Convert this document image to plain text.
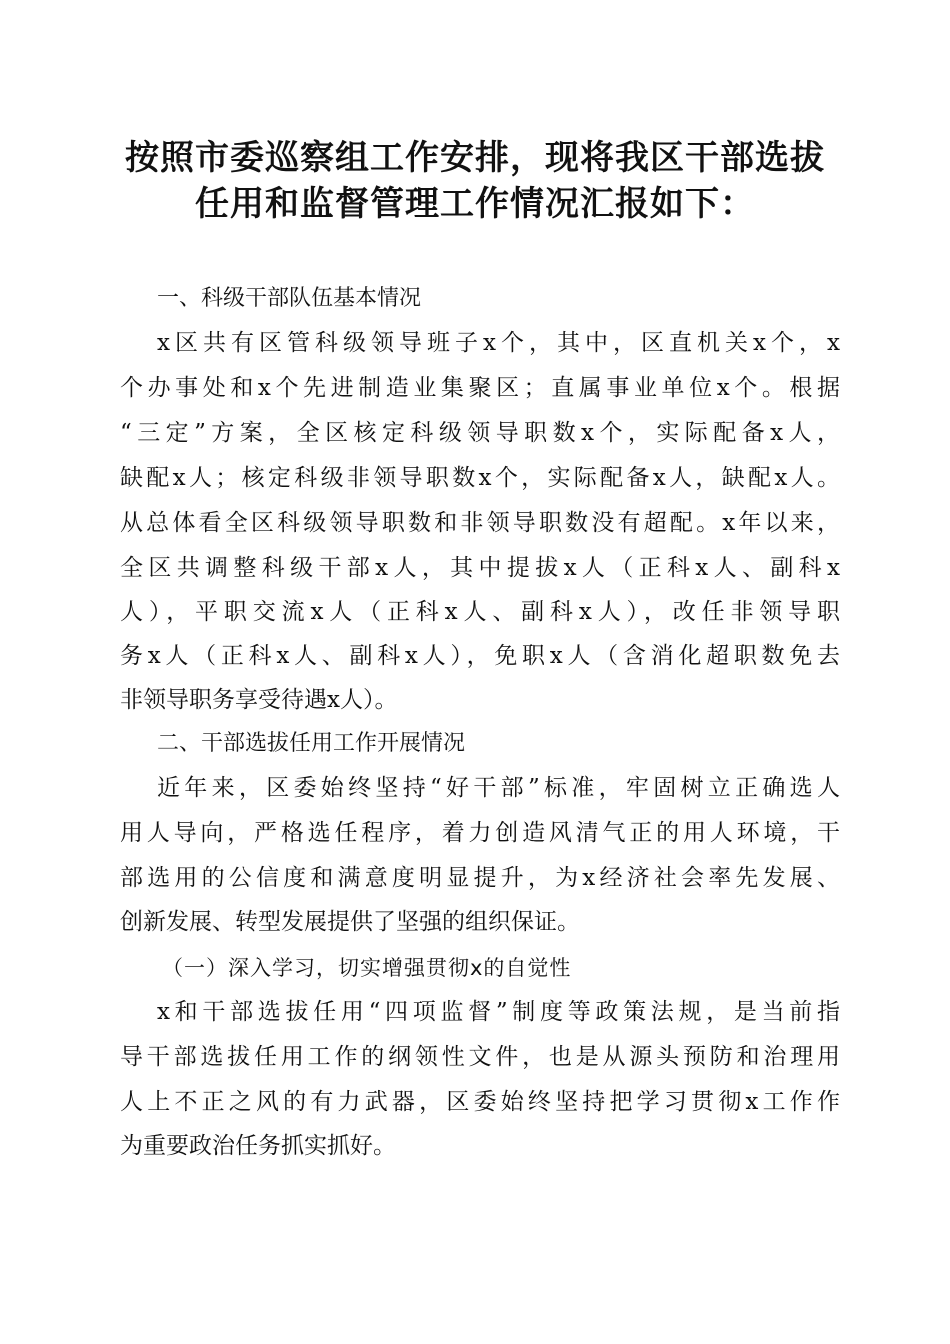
按照市委巡察组工作安排，现将我区干部选拔
任用和监督管理工作情况汇报如下：
一、科级干部队伍基本情况
x区共有区管科级领导班子x个，其中，区直机关x个，x
个办事处和x个先进制造业集聚区；直属事业单位x个。根据
“三定”方案，全区核定科级领导职数x个，实际配备x人，
缺配x人；核定科级非领导职数x个，实际配备x人，缺配x人。
从总体看全区科级领导职数和非领导职数没有超配。x年以来，
全区共调整科级干部x人，其中提拔x人（正科x人、副科x
人），平职交流x人（正科x人、副科x人），改任非领导职
务x人（正科x人、副科x人），免职x人（含消化超职数免去
非领导职务享受待遇x人）。
二、干部选拔任用工作开展情况
近年来，区委始终坚持“好干部”标准，牢固树立正确选人
用人导向，严格选任程序，着力创造风清气正的用人环境，干
部选用的公信度和满意度明显提升，为x经济社会率先发展、
创新发展、转型发展提供了坚强的组织保证。
（一）深入学习，切实增强贯彻x的自觉性
x和干部选拔任用“四项监督”制度等政策法规，是当前指
导干部选拔任用工作的纲领性文件，也是从源头预防和治理用
人上不正之风的有力武器，区委始终坚持把学习贯彻x工作作
为重要政治任务抓实抓好。
